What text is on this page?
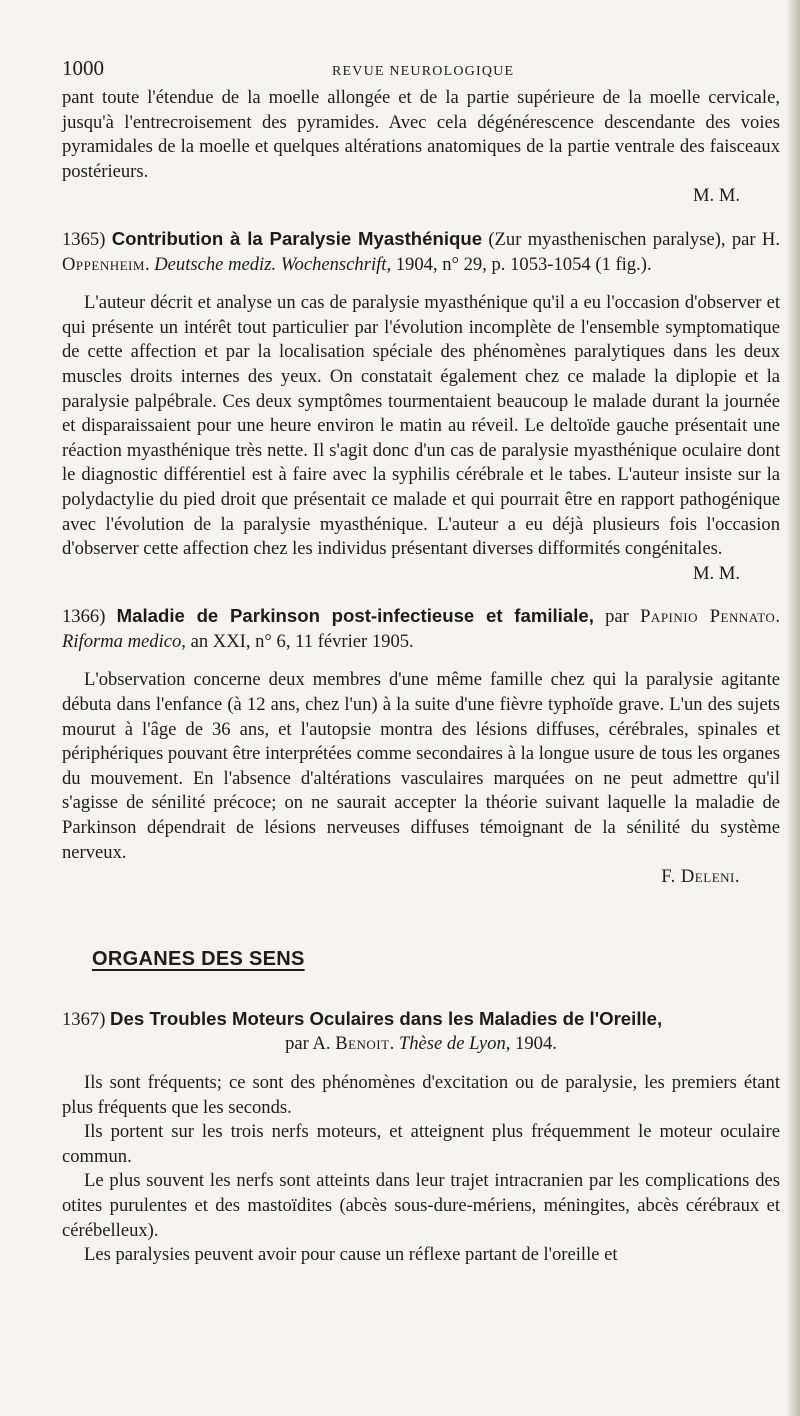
1000	REVUE NEUROLOGIQUE

pant toute l'étendue de la moelle allongée et de la partie supérieure de la moelle cervicale, jusqu'à l'entrecroisement des pyramides. Avec cela dégénérescence descendante des voies pyramidales de la moelle et quelques altérations anatomiques de la partie ventrale des faisceaux postérieurs.

M. M.

1365) Contribution à la Paralysie Myasthénique (Zur myasthenischen paralyse), par H. Oppenheim. Deutsche mediz. Wochenschrift, 1904, n° 29, p. 1053-1054 (1 fig.).

L'auteur décrit et analyse un cas de paralysie myasthénique qu'il a eu l'occasion d'observer et qui présente un intérêt tout particulier par l'évolution incomplète de l'ensemble symptomatique de cette affection et par la localisation spéciale des phénomènes paralytiques dans les deux muscles droits internes des yeux. On constatait également chez ce malade la diplopie et la paralysie palpébrale. Ces deux symptômes tourmentaient beaucoup le malade durant la journée et disparaissaient pour une heure environ le matin au réveil. Le deltoïde gauche présentait une réaction myasthénique très nette. Il s'agit donc d'un cas de paralysie myasthénique oculaire dont le diagnostic différentiel est à faire avec la syphilis cérébrale et le tabes. L'auteur insiste sur la polydactylie du pied droit que présentait ce malade et qui pourrait être en rapport pathogénique avec l'évolution de la paralysie myasthénique. L'auteur a eu déjà plusieurs fois l'occasion d'observer cette affection chez les individus présentant diverses difformités congénitales.

M. M.

1366) Maladie de Parkinson post-infectieuse et familiale, par Papinio Pennato. Riforma medico, an XXI, n° 6, 11 février 1905.

L'observation concerne deux membres d'une même famille chez qui la paralysie agitante débuta dans l'enfance (à 12 ans, chez l'un) à la suite d'une fièvre typhoïde grave. L'un des sujets mourut à l'âge de 36 ans, et l'autopsie montra des lésions diffuses, cérébrales, spinales et périphériques pouvant être interprétées comme secondaires à la longue usure de tous les organes du mouvement. En l'absence d'altérations vasculaires marquées on ne peut admettre qu'il s'agisse de sénilité précoce; on ne saurait accepter la théorie suivant laquelle la maladie de Parkinson dépendrait de lésions nerveuses diffuses témoignant de la sénilité du système nerveux.

F. Deleni.

ORGANES DES SENS

1367) Des Troubles Moteurs Oculaires dans les Maladies de l'Oreille,

par A. Benoit. Thèse de Lyon, 1904.

Ils sont fréquents; ce sont des phénomènes d'excitation ou de paralysie, les premiers étant plus fréquents que les seconds.

Ils portent sur les trois nerfs moteurs, et atteignent plus fréquemment le moteur oculaire commun.

Le plus souvent les nerfs sont atteints dans leur trajet intracranien par les complications des otites purulentes et des mastoïdites (abcès sous-dure-mériens, méningites, abcès cérébraux et cérébelleux).

Les paralysies peuvent avoir pour cause un réflexe partant de l'oreille et
